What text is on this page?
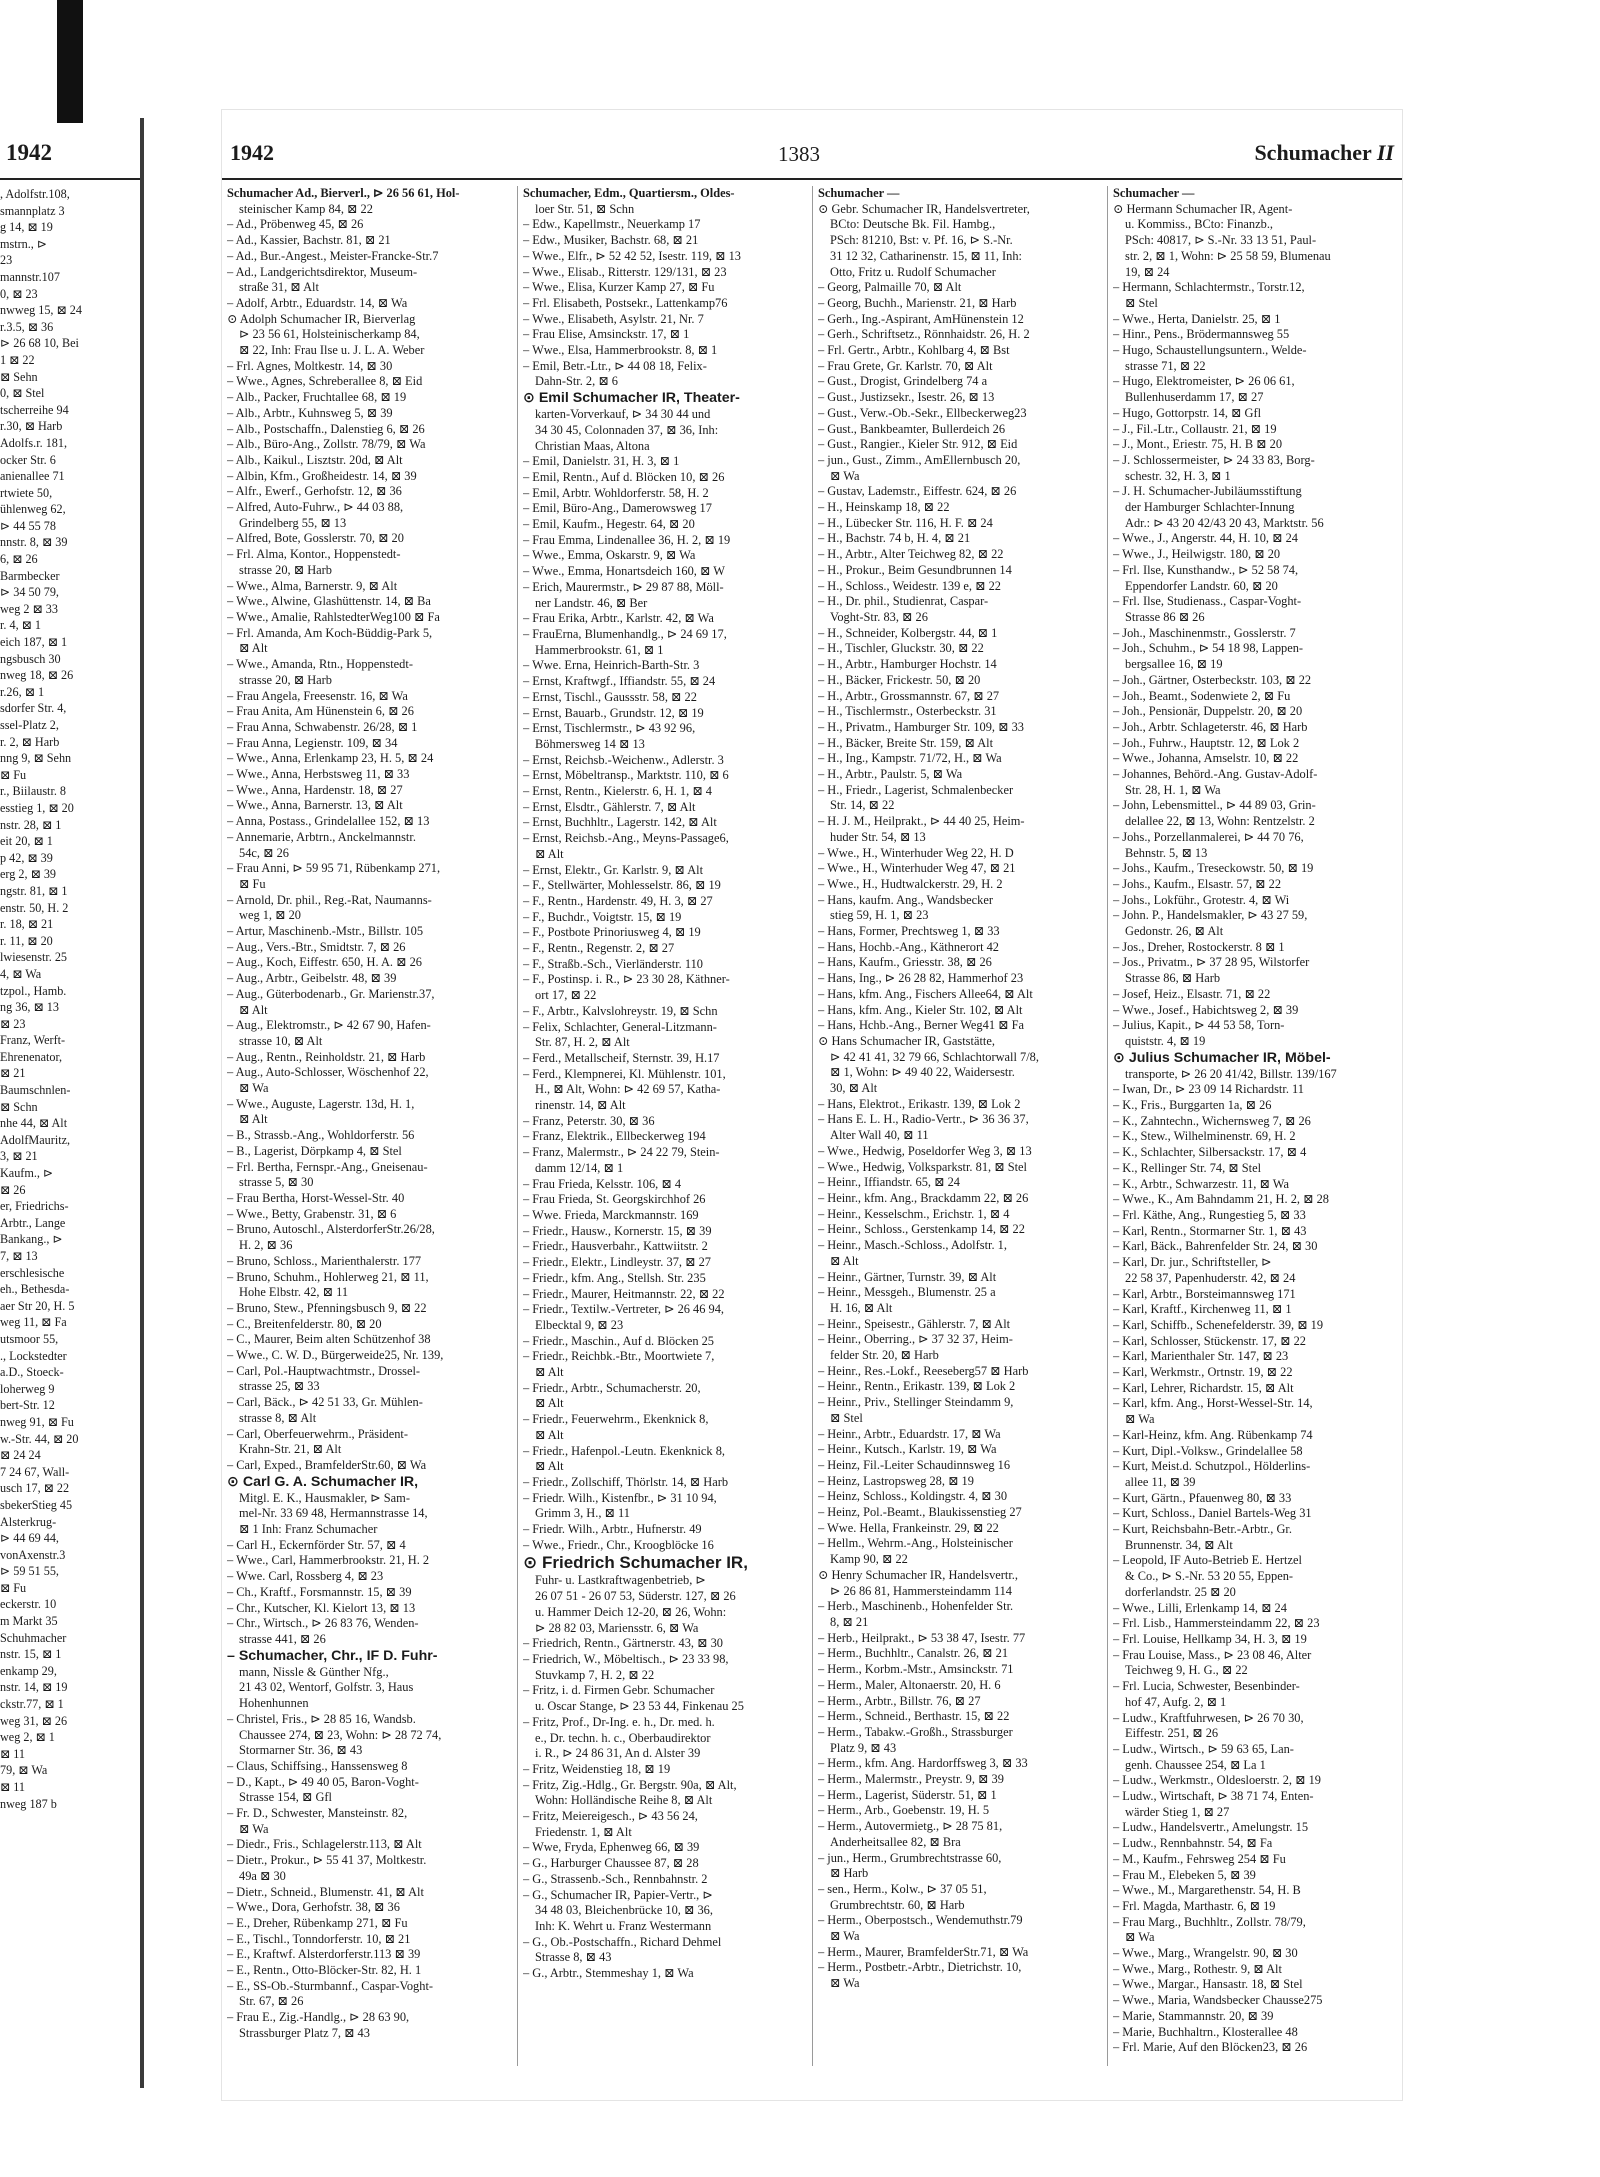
1942
, Adolfstr.108,
smannplatz 3
g 14, ⊠ 19
mstrn., ⊳
23
mannstr.107
0, ⊠ 23
nwweg 15, ⊠ 24
r.3.5, ⊠ 36
⊳ 26 68 10, Bei
1 ⊠ 22
⊠ Sehn
0, ⊠ Stel
tscherreihe 94
r.30, ⊠ Harb
Adolfs.r. 181,
ocker Str. 6
anienallee 71
rtwiete 50,
ühlenweg 62,
⊳ 44 55 78
nnstr. 8, ⊠ 39
6, ⊠ 26
Barmbecker
⊳ 34 50 79,
weg 2 ⊠ 33
r. 4, ⊠ 1
eich 187, ⊠ 1
ngsbusch 30
nweg 18, ⊠ 26
r.26, ⊠ 1
sdorfer Str. 4,
ssel-Platz 2,
r. 2, ⊠ Harb
nng 9, ⊠ Sehn
⊠ Fu
r., Biilaustr. 8
esstieg 1, ⊠ 20
nstr. 28, ⊠ 1
eit 20, ⊠ 1
p 42, ⊠ 39
erg 2, ⊠ 39
ngstr. 81, ⊠ 1
enstr. 50, H. 2
r. 18, ⊠ 21
r. 11, ⊠ 20
lwiesenstr. 25
4, ⊠ Wa
tzpol., Hamb.
ng 36, ⊠ 13
⊠ 23
Franz, Werft-
Ehrenenator,
⊠ 21
Baumschnlen-
⊠ Schn
nhe 44, ⊠ Alt
AdolfMauritz,
3, ⊠ 21
Kaufm., ⊳
⊠ 26
er, Friedrichs-
Arbtr., Lange
Bankang., ⊳
7, ⊠ 13
erschlesische
eh., Bethesda-
aer Str 20, H. 5
weg 11, ⊠ Fa
utsmoor 55,
., Lockstedter
a.D., Stoeck-
loherweg 9
bert-Str. 12
nweg 91, ⊠ Fu
w.-Str. 44, ⊠ 20
⊠ 24 24
7 24 67, Wall-
usch 17, ⊠ 22
sbekerStieg 45
Alsterkrug-
⊳ 44 69 44,
vonAxenstr.3
⊳ 59 51 55,
⊠ Fu
eckerstr. 10
m Markt 35
Schuhmacher
nstr. 15, ⊠ 1
enkamp 29,
nstr. 14, ⊠ 19
ckstr.77, ⊠ 1
weg 31, ⊠ 26
weg 2, ⊠ 1
⊠ 11
79, ⊠ Wa
⊠ 11
nweg 187 b
1942	1383	Schumacher II
Schumacher Ad., Bierverl., ⊳ 26 56 61, Hol-
steinischer Kamp 84, ⊠ 22
– Ad., Pröbenweg 45, ⊠ 26
– Ad., Kassier, Bachstr. 81, ⊠ 21
– Ad., Bur.-Angest., Meister-Francke-Str.7
– Ad., Landgerichtsdirektor, Museum-
straße 31, ⊠ Alt
– Adolf, Arbtr., Eduardstr. 14, ⊠ Wa
⊙ Adolph Schumacher IR, Bierverlag
⊳ 23 56 61, Holsteinischerkamp 84,
⊠ 22, Inh: Frau Ilse u. J. L. A. Weber
– Frl. Agnes, Moltkestr. 14, ⊠ 30
– Wwe., Agnes, Schreberallee 8, ⊠ Eid
– Alb., Packer, Fruchtallee 68, ⊠ 19
– Alb., Arbtr., Kuhnsweg 5, ⊠ 39
– Alb., Postschaffn., Dalenstieg 6, ⊠ 26
– Alb., Büro-Ang., Zollstr. 78/79, ⊠ Wa
– Alb., Kaikul., Lisztstr. 20d, ⊠ Alt
– Albin, Kfm., Großheidestr. 14, ⊠ 39
– Alfr., Ewerf., Gerhofstr. 12, ⊠ 36
– Alfred, Auto-Fuhrw., ⊳ 44 03 88,
Grindelberg 55, ⊠ 13
– Alfred, Bote, Gosslerstr. 70, ⊠ 20
– Frl. Alma, Kontor., Hoppenstedt-
strasse 20, ⊠ Harb
– Wwe., Alma, Barnerstr. 9, ⊠ Alt
– Wwe., Alwine, Glashüttenstr. 14, ⊠ Ba
– Wwe., Amalie, RahlstedterWeg100 ⊠ Fa
– Frl. Amanda, Am Koch-Büddig-Park 5,
⊠ Alt
– Wwe., Amanda, Rtn., Hoppenstedt-
strasse 20, ⊠ Harb
– Frau Angela, Freesenstr. 16, ⊠ Wa
– Frau Anita, Am Hünenstein 6, ⊠ 26
– Frau Anna, Schwabenstr. 26/28, ⊠ 1
– Frau Anna, Legienstr. 109, ⊠ 34
– Wwe., Anna, Erlenkamp 23, H. 5, ⊠ 24
– Wwe., Anna, Herbstsweg 11, ⊠ 33
– Wwe., Anna, Hardenstr. 18, ⊠ 27
– Wwe., Anna, Barnerstr. 13, ⊠ Alt
– Anna, Postass., Grindelallee 152, ⊠ 13
– Annemarie, Arbtrn., Anckelmannstr.
54c, ⊠ 26
– Frau Anni, ⊳ 59 95 71, Rübenkamp 271,
⊠ Fu
– Arnold, Dr. phil., Reg.-Rat, Naumanns-
weg 1, ⊠ 20
– Artur, Maschinenb.-Mstr., Billstr. 105
– Aug., Vers.-Btr., Smidtstr. 7, ⊠ 26
– Aug., Koch, Eiffestr. 650, H. A. ⊠ 26
– Aug., Arbtr., Geibelstr. 48, ⊠ 39
– Aug., Güterbodenarb., Gr. Marienstr.37,
⊠ Alt
– Aug., Elektromstr., ⊳ 42 67 90, Hafen-
strasse 10, ⊠ Alt
– Aug., Rentn., Reinholdstr. 21, ⊠ Harb
– Aug., Auto-Schlosser, Wöschenhof 22,
⊠ Wa
– Wwe., Auguste, Lagerstr. 13d, H. 1,
⊠ Alt
– B., Strassb.-Ang., Wohldorferstr. 56
– B., Lagerist, Dörpkamp 4, ⊠ Stel
– Frl. Bertha, Fernspr.-Ang., Gneisenau-
strasse 5, ⊠ 30
– Frau Bertha, Horst-Wessel-Str. 40
– Wwe., Betty, Grabenstr. 31, ⊠ 6
– Bruno, Autoschl., AlsterdorferStr.26/28,
H. 2, ⊠ 36
– Bruno, Schloss., Marienthalerstr. 177
– Bruno, Schuhm., Hohlerweg 21, ⊠ 11,
Hohe Elbstr. 42, ⊠ 11
– Bruno, Stew., Pfenningsbusch 9, ⊠ 22
– C., Breitenfelderstr. 80, ⊠ 20
– C., Maurer, Beim alten Schützenhof 38
– Wwe., C. W. D., Bürgerweide25, Nr. 139,
– Carl, Pol.-Hauptwachtmstr., Drossel-
strasse 25, ⊠ 33
– Carl, Bäck., ⊳ 42 51 33, Gr. Mühlen-
strasse 8, ⊠ Alt
– Carl, Oberfeuerwehrm., Präsident-
Krahn-Str. 21, ⊠ Alt
– Carl, Exped., BramfelderStr.60, ⊠ Wa
⊙ Carl G. A. Schumacher IR,
Mitgl. E. K., Hausmakler, ⊳ Sam-
mel-Nr. 33 69 48, Hermannstrasse 14,
⊠ 1 Inh: Franz Schumacher
– Carl H., Eckernförder Str. 57, ⊠ 4
– Wwe., Carl, Hammerbrookstr. 21, H. 2
– Wwe. Carl, Rossberg 4, ⊠ 23
– Ch., Kraftf., Forsmannstr. 15, ⊠ 39
– Chr., Kutscher, Kl. Kielort 13, ⊠ 13
– Chr., Wirtsch., ⊳ 26 83 76, Wenden-
strasse 441, ⊠ 26
– Schumacher, Chr., IF D. Fuhr-
mann, Nissle & Günther Nfg.,
21 43 02, Wentorf, Golfstr. 3, Haus
Hohenhunnen
– Christel, Fris., ⊳ 28 85 16, Wandsb.
Chaussee 274, ⊠ 23, Wohn: ⊳ 28 72 74,
Stormarner Str. 36, ⊠ 43
– Claus, Schiffsing., Hanssensweg 8
– D., Kapt., ⊳ 49 40 05, Baron-Voght-
Strasse 154, ⊠ Gfl
– Fr. D., Schwester, Mansteinstr. 82,
⊠ Wa
– Diedr., Fris., Schlagelerstr.113, ⊠ Alt
– Dietr., Prokur., ⊳ 55 41 37, Moltkestr.
49a ⊠ 30
– Dietr., Schneid., Blumenstr. 41, ⊠ Alt
– Wwe., Dora, Gerhofstr. 38, ⊠ 36
– E., Dreher, Rübenkamp 271, ⊠ Fu
– E., Tischl., Tonndorferstr. 10, ⊠ 21
– E., Kraftwf. Alsterdorferstr.113 ⊠ 39
– E., Rentn., Otto-Blöcker-Str. 82, H. 1
– E., SS-Ob.-Sturmbannf., Caspar-Voght-
Str. 67, ⊠ 26
– Frau E., Zig.-Handlg., ⊳ 28 63 90,
Strassburger Platz 7, ⊠ 43
Schumacher, Edm., Quartiersm., Oldes-
loer Str. 51, ⊠ Schn
– Edw., Kapellmstr., Neuerkamp 17
– Edw., Musiker, Bachstr. 68, ⊠ 21
– Wwe., Elfr., ⊳ 52 42 52, Isestr. 119, ⊠ 13
– Wwe., Elisab., Ritterstr. 129/131, ⊠ 23
– Wwe., Elisa, Kurzer Kamp 27, ⊠ Fu
– Frl. Elisabeth, Postsekr., Lattenkamp76
– Wwe., Elisabeth, Asylstr. 21, Nr. 7
– Frau Elise, Amsinckstr. 17, ⊠ 1
– Wwe., Elsa, Hammerbrookstr. 8, ⊠ 1
– Emil, Betr.-Ltr., ⊳ 44 08 18, Felix-
Dahn-Str. 2, ⊠ 6
⊙ Emil Schumacher IR, Theater-
karten-Vorverkauf, ⊳ 34 30 44 und
34 30 45, Colonnaden 37, ⊠ 36, Inh:
Christian Maas, Altona
– Emil, Danielstr. 31, H. 3, ⊠ 1
– Emil, Rentn., Auf d. Blöcken 10, ⊠ 26
– Emil, Arbtr. Wohldorferstr. 58, H. 2
– Emil, Büro-Ang., Damerowsweg 17
– Emil, Kaufm., Hegestr. 64, ⊠ 20
– Frau Emma, Lindenallee 36, H. 2, ⊠ 19
– Wwe., Emma, Oskarstr. 9, ⊠ Wa
– Wwe., Emma, Honartsdeich 160, ⊠ W
– Erich, Maurermstr., ⊳ 29 87 88, Möll-
ner Landstr. 46, ⊠ Ber
– Frau Erika, Arbtr., Karlstr. 42, ⊠ Wa
– FrauErna, Blumenhandlg., ⊳ 24 69 17,
Hammerbrookstr. 61, ⊠ 1
– Wwe. Erna, Heinrich-Barth-Str. 3
– Ernst, Kraftwgf., Iffiandstr. 55, ⊠ 24
– Ernst, Tischl., Gaussstr. 58, ⊠ 22
– Ernst, Bauarb., Grundstr. 12, ⊠ 19
– Ernst, Tischlermstr., ⊳ 43 92 96,
Böhmersweg 14 ⊠ 13
– Ernst, Reichsb.-Weichenw., Adlerstr. 3
– Ernst, Möbeltransp., Marktstr. 110, ⊠ 6
– Ernst, Rentn., Kielerstr. 6, H. 1, ⊠ 4
– Ernst, Elsdtr., Gählerstr. 7, ⊠ Alt
– Ernst, Buchhltr., Lagerstr. 142, ⊠ Alt
– Ernst, Reichsb.-Ang., Meyns-Passage6,
⊠ Alt
– Ernst, Elektr., Gr. Karlstr. 9, ⊠ Alt
– F., Stellwärter, Mohlesselstr. 86, ⊠ 19
– F., Rentn., Hardenstr. 49, H. 3, ⊠ 27
– F., Buchdr., Voigtstr. 15, ⊠ 19
– F., Postbote Prinoriusweg 4, ⊠ 19
– F., Rentn., Regenstr. 2, ⊠ 27
– F., Straßb.-Sch., Vierländerstr. 110
– F., Postinsp. i. R., ⊳ 23 30 28, Käthner-
ort 17, ⊠ 22
– F., Arbtr., Kalvslohreystr. 19, ⊠ Schn
– Felix, Schlachter, General-Litzmann-
Str. 87, H. 2, ⊠ Alt
– Ferd., Metallscheif, Sternstr. 39, H.17
– Ferd., Klempnerei, Kl. Mühlenstr. 101,
H., ⊠ Alt, Wohn: ⊳ 42 69 57, Katha-
rinenstr. 14, ⊠ Alt
– Franz, Peterstr. 30, ⊠ 36
– Franz, Elektrik., Ellbeckerweg 194
– Franz, Malermstr., ⊳ 24 22 79, Stein-
damm 12/14, ⊠ 1
– Frau Frieda, Kelsstr. 106, ⊠ 4
– Frau Frieda, St. Georgskirchhof 26
– Wwe. Frieda, Marckmannstr. 169
– Friedr., Hausw., Kornerstr. 15, ⊠ 39
– Friedr., Hausverbahr., Kattwiitstr. 2
– Friedr., Elektr., Lindleystr. 37, ⊠ 27
– Friedr., kfm. Ang., Stellsh. Str. 235
– Friedr., Maurer, Heitmannstr. 22, ⊠ 22
– Friedr., Textilw.-Vertreter, ⊳ 26 46 94,
Elbecktal 9, ⊠ 23
– Friedr., Maschin., Auf d. Blöcken 25
– Friedr., Reichbk.-Btr., Moortwiete 7,
⊠ Alt
– Friedr., Arbtr., Schumacherstr. 20,
⊠ Alt
– Friedr., Feuerwehrm., Ekenknick 8,
⊠ Alt
– Friedr., Hafenpol.-Leutn. Ekenknick 8,
⊠ Alt
– Friedr., Zollschiff, Thörlstr. 14, ⊠ Harb
– Friedr. Wilh., Kistenfbr., ⊳ 31 10 94,
Grimm 3, H., ⊠ 11
– Friedr. Wilh., Arbtr., Hufnerstr. 49
– Wwe., Friedr., Chr., Kroogblöcke 16
⊙ Friedrich Schumacher IR,
Fuhr- u. Lastkraftwagenbetrieb, ⊳
26 07 51 - 26 07 53, Süderstr. 127, ⊠ 26
u. Hammer Deich 12-20, ⊠ 26, Wohn:
⊳ 28 82 03, Mariensstr. 6, ⊠ Wa
– Friedrich, Rentn., Gärtnerstr. 43, ⊠ 30
– Friedrich, W., Möbeltisch., ⊳ 23 33 98,
Stuvkamp 7, H. 2, ⊠ 22
– Fritz, i. d. Firmen Gebr. Schumacher
u. Oscar Stange, ⊳ 23 53 44, Finkenau 25
– Fritz, Prof., Dr-Ing. e. h., Dr. med. h.
e., Dr. techn. h. c., Oberbaudirektor
i. R., ⊳ 24 86 31, An d. Alster 39
– Fritz, Weidenstieg 18, ⊠ 19
– Fritz, Zig.-Hdlg., Gr. Bergstr. 90a, ⊠ Alt,
Wohn: Holländische Reihe 8, ⊠ Alt
– Fritz, Meiereigesch., ⊳ 43 56 24,
Friedenstr. 1, ⊠ Alt
– Wwe, Fryda, Ephenweg 66, ⊠ 39
– G., Harburger Chaussee 87, ⊠ 28
– G., Strassenb.-Sch., Rennbahnstr. 2
– G., Schumacher IR, Papier-Vertr., ⊳
34 48 03, Bleichenbrücke 10, ⊠ 36,
Inh: K. Wehrt u. Franz Westermann
– G., Ob.-Postschaffn., Richard Dehmel
Strasse 8, ⊠ 43
– G., Arbtr., Stemmeshay 1, ⊠ Wa
Schumacher —
⊙ Gebr. Schumacher IR, Handelsvertreter,
BCto: Deutsche Bk. Fil. Hambg.,
PSch: 81210, Bst: v. Pf. 16, ⊳ S.-Nr.
31 12 32, Catharinenstr. 15, ⊠ 11, Inh:
Otto, Fritz u. Rudolf Schumacher
– Georg, Palmaille 70, ⊠ Alt
– Georg, Buchh., Marienstr. 21, ⊠ Harb
– Gerh., Ing.-Aspirant, AmHünenstein 12
– Gerh., Schriftsetz., Rönnhaidstr. 26, H. 2
– Frl. Gertr., Arbtr., Kohlbarg 4, ⊠ Bst
– Frau Grete, Gr. Karlstr. 70, ⊠ Alt
– Gust., Drogist, Grindelberg 74 a
– Gust., Justizsekr., Isestr. 26, ⊠ 13
– Gust., Verw.-Ob.-Sekr., Ellbeckerweg23
– Gust., Bankbeamter, Bullerdeich 26
– Gust., Rangier., Kieler Str. 912, ⊠ Eid
– jun., Gust., Zimm., AmEllernbusch 20,
⊠ Wa
– Gustav, Lademstr., Eiffestr. 624, ⊠ 26
– H., Heinskamp 18, ⊠ 22
– H., Lübecker Str. 116, H. F. ⊠ 24
– H., Bachstr. 74 b, H. 4, ⊠ 21
– H., Arbtr., Alter Teichweg 82, ⊠ 22
– H., Prokur., Beim Gesundbrunnen 14
– H., Schloss., Weidestr. 139 e, ⊠ 22
– H., Dr. phil., Studienrat, Caspar-
Voght-Str. 83, ⊠ 26
– H., Schneider, Kolbergstr. 44, ⊠ 1
– H., Tischler, Gluckstr. 30, ⊠ 22
– H., Arbtr., Hamburger Hochstr. 14
– H., Bäcker, Frickestr. 50, ⊠ 20
– H., Arbtr., Grossmannstr. 67, ⊠ 27
– H., Tischlermstr., Osterbeckstr. 31
– H., Privatm., Hamburger Str. 109, ⊠ 33
– H., Bäcker, Breite Str. 159, ⊠ Alt
– H., Ing., Kampstr. 71/72, H., ⊠ Wa
– H., Arbtr., Paulstr. 5, ⊠ Wa
– H., Friedr., Lagerist, Schmalenbecker
Str. 14, ⊠ 22
– H. J. M., Heilprakt., ⊳ 44 40 25, Heim-
huder Str. 54, ⊠ 13
– Wwe., H., Winterhuder Weg 22, H. D
– Wwe., H., Winterhuder Weg 47, ⊠ 21
– Wwe., H., Hudtwalckerstr. 29, H. 2
– Hans, kaufm. Ang., Wandsbecker
stieg 59, H. 1, ⊠ 23
– Hans, Former, Prechtsweg 1, ⊠ 33
– Hans, Hochb.-Ang., Käthnerort 42
– Hans, Kaufm., Griesstr. 38, ⊠ 26
– Hans, Ing., ⊳ 26 28 82, Hammerhof 23
– Hans, kfm. Ang., Fischers Allee64, ⊠ Alt
– Hans, kfm. Ang., Kieler Str. 102, ⊠ Alt
– Hans, Hchb.-Ang., Berner Weg41 ⊠ Fa
⊙ Hans Schumacher IR, Gaststätte,
⊳ 42 41 41, 32 79 66, Schlachtorwall 7/8,
⊠ 1, Wohn: ⊳ 49 40 22, Waidersestr.
30, ⊠ Alt
– Hans, Elektrot., Erikastr. 139, ⊠ Lok 2
– Hans E. L. H., Radio-Vertr., ⊳ 36 36 37,
Alter Wall 40, ⊠ 11
– Wwe., Hedwig, Poseldorfer Weg 3, ⊠ 13
– Wwe., Hedwig, Volksparkstr. 81, ⊠ Stel
– Heinr., Iffiandstr. 65, ⊠ 24
– Heinr., kfm. Ang., Brackdamm 22, ⊠ 26
– Heinr., Kesselschm., Erichstr. 1, ⊠ 4
– Heinr., Schloss., Gerstenkamp 14, ⊠ 22
– Heinr., Masch.-Schloss., Adolfstr. 1,
⊠ Alt
– Heinr., Gärtner, Turnstr. 39, ⊠ Alt
– Heinr., Messgeh., Blumenstr. 25 a
H. 16, ⊠ Alt
– Heinr., Speisestr., Gählerstr. 7, ⊠ Alt
– Heinr., Oberring., ⊳ 37 32 37, Heim-
felder Str. 20, ⊠ Harb
– Heinr., Res.-Lokf., Reeseberg57 ⊠ Harb
– Heinr., Rentn., Erikastr. 139, ⊠ Lok 2
– Heinr., Priv., Stellinger Steindamm 9,
⊠ Stel
– Heinr., Arbtr., Eduardstr. 17, ⊠ Wa
– Heinr., Kutsch., Karlstr. 19, ⊠ Wa
– Heinz, Fil.-Leiter Schaudinnsweg 16
– Heinz, Lastropsweg 28, ⊠ 19
– Heinz, Schloss., Koldingstr. 4, ⊠ 30
– Heinz, Pol.-Beamt., Blaukissenstieg 27
– Wwe. Hella, Frankeinstr. 29, ⊠ 22
– Hellm., Wehrm.-Ang., Holsteinischer
Kamp 90, ⊠ 22
⊙ Henry Schumacher IR, Handelsvertr.,
⊳ 26 86 81, Hammersteindamm 114
– Herb., Maschinenb., Hohenfelder Str.
8, ⊠ 21
– Herb., Heilprakt., ⊳ 53 38 47, Isestr. 77
– Herm., Buchhltr., Canalstr. 26, ⊠ 21
– Herm., Korbm.-Mstr., Amsinckstr. 71
– Herm., Maler, Altonaerstr. 20, H. 6
– Herm., Arbtr., Billstr. 76, ⊠ 27
– Herm., Schneid., Berthastr. 15, ⊠ 22
– Herm., Tabakw.-Großh., Strassburger
Platz 9, ⊠ 43
– Herm., kfm. Ang. Hardorffsweg 3, ⊠ 33
– Herm., Malermstr., Preystr. 9, ⊠ 39
– Herm., Lagerist, Süderstr. 51, ⊠ 1
– Herm., Arb., Goebenstr. 19, H. 5
– Herm., Autovermietg., ⊳ 28 75 81,
Anderheitsallee 82, ⊠ Bra
– jun., Herm., Grumbrechtstrasse 60,
⊠ Harb
– sen., Herm., Kolw., ⊳ 37 05 51,
Grumbrechtstr. 60, ⊠ Harb
– Herm., Oberpostsch., Wendemuthstr.79
⊠ Wa
– Herm., Maurer, BramfelderStr.71, ⊠ Wa
– Herm., Postbetr.-Arbtr., Dietrichstr. 10,
⊠ Wa
Schumacher —
⊙ Hermann Schumacher IR, Agent-
u. Kommiss., BCto: Finanzb.,
PSch: 40817, ⊳ S.-Nr. 33 13 51, Paul-
str. 2, ⊠ 1, Wohn: ⊳ 25 58 59, Blumenau
19, ⊠ 24
– Hermann, Schlachtermstr., Torstr.12,
⊠ Stel
– Wwe., Herta, Danielstr. 25, ⊠ 1
– Hinr., Pens., Brödermannsweg 55
– Hugo, Schaustellungsuntern., Welde-
strasse 71, ⊠ 22
– Hugo, Elektromeister, ⊳ 26 06 61,
Bullenhuserdamm 17, ⊠ 27
– Hugo, Gottorpstr. 14, ⊠ Gfl
– J., Fil.-Ltr., Collaustr. 21, ⊠ 19
– J., Mont., Eriestr. 75, H. B ⊠ 20
– J. Schlossermeister, ⊳ 24 33 83, Borg-
schestr. 32, H. 3, ⊠ 1
– J. H. Schumacher-Jubiläumsstiftung
der Hamburger Schlachter-Innung
Adr.: ⊳ 43 20 42/43 20 43, Marktstr. 56
– Wwe., J., Angerstr. 44, H. 10, ⊠ 24
– Wwe., J., Heilwigstr. 180, ⊠ 20
– Frl. Ilse, Kunsthandw., ⊳ 52 58 74,
Eppendorfer Landstr. 60, ⊠ 20
– Frl. Ilse, Studienass., Caspar-Voght-
Strasse 86 ⊠ 26
– Joh., Maschinenmstr., Gosslerstr. 7
– Joh., Schuhm., ⊳ 54 18 98, Lappen-
bergsallee 16, ⊠ 19
– Joh., Gärtner, Osterbeckstr. 103, ⊠ 22
– Joh., Beamt., Sodenwiete 2, ⊠ Fu
– Joh., Pensionär, Duppelstr. 20, ⊠ 20
– Joh., Arbtr. Schlageterstr. 46, ⊠ Harb
– Joh., Fuhrw., Hauptstr. 12, ⊠ Lok 2
– Wwe., Johanna, Amselstr. 10, ⊠ 22
– Johannes, Behörd.-Ang. Gustav-Adolf-
Str. 28, H. 1, ⊠ Wa
– John, Lebensmittel., ⊳ 44 89 03, Grin-
delallee 22, ⊠ 13, Wohn: Rentzelstr. 2
– Johs., Porzellanmalerei, ⊳ 44 70 76,
Behnstr. 5, ⊠ 13
– Johs., Kaufm., Treseckowstr. 50, ⊠ 19
– Johs., Kaufm., Elsastr. 57, ⊠ 22
– Johs., Lokführ., Grotestr. 4, ⊠ Wi
– John. P., Handelsmakler, ⊳ 43 27 59,
Gedonstr. 26, ⊠ Alt
– Jos., Dreher, Rostockerstr. 8 ⊠ 1
– Jos., Privatm., ⊳ 37 28 95, Wilstorfer
Strasse 86, ⊠ Harb
– Josef, Heiz., Elsastr. 71, ⊠ 22
– Wwe., Josef., Habichtsweg 2, ⊠ 39
– Julius, Kapit., ⊳ 44 53 58, Torn-
quiststr. 4, ⊠ 19
⊙ Julius Schumacher IR, Möbel-
transporte, ⊳ 26 20 41/42, Billstr. 139/167
– Iwan, Dr., ⊳ 23 09 14 Richardstr. 11
– K., Fris., Burggarten 1a, ⊠ 26
– K., Zahntechn., Wichernsweg 7, ⊠ 26
– K., Stew., Wilhelminenstr. 69, H. 2
– K., Schlachter, Silbersackstr. 17, ⊠ 4
– K., Rellinger Str. 74, ⊠ Stel
– K., Arbtr., Schwarzestr. 11, ⊠ Wa
– Wwe., K., Am Bahndamm 21, H. 2, ⊠ 28
– Frl. Käthe, Ang., Rungestieg 5, ⊠ 33
– Karl, Rentn., Stormarner Str. 1, ⊠ 43
– Karl, Bäck., Bahrenfelder Str. 24, ⊠ 30
– Karl, Dr. jur., Schriftsteller, ⊳
22 58 37, Papenhuderstr. 42, ⊠ 24
– Karl, Arbtr., Borsteimannsweg 171
– Karl, Kraftf., Kirchenweg 11, ⊠ 1
– Karl, Schiffb., Schenefelderstr. 39, ⊠ 19
– Karl, Schlosser, Stückenstr. 17, ⊠ 22
– Karl, Marienthaler Str. 147, ⊠ 23
– Karl, Werkmstr., Ortnstr. 19, ⊠ 22
– Karl, Lehrer, Richardstr. 15, ⊠ Alt
– Karl, kfm. Ang., Horst-Wessel-Str. 14,
⊠ Wa
– Karl-Heinz, kfm. Ang. Rübenkamp 74
– Kurt, Dipl.-Volksw., Grindelallee 58
– Kurt, Meist.d. Schutzpol., Hölderlins-
allee 11, ⊠ 39
– Kurt, Gärtn., Pfauenweg 80, ⊠ 33
– Kurt, Schloss., Daniel Bartels-Weg 31
– Kurt, Reichsbahn-Betr.-Arbtr., Gr.
Brunnenstr. 34, ⊠ Alt
– Leopold, IF Auto-Betrieb E. Hertzel
& Co., ⊳ S.-Nr. 53 20 55, Eppen-
dorferlandstr. 25 ⊠ 20
– Wwe., Lilli, Erlenkamp 14, ⊠ 24
– Frl. Lisb., Hammersteindamm 22, ⊠ 23
– Frl. Louise, Hellkamp 34, H. 3, ⊠ 19
– Frau Louise, Mass., ⊳ 23 08 46, Alter
Teichweg 9, H. G., ⊠ 22
– Frl. Lucia, Schwester, Besenbinder-
hof 47, Aufg. 2, ⊠ 1
– Ludw., Kraftfuhrwesen, ⊳ 26 70 30,
Eiffestr. 251, ⊠ 26
– Ludw., Wirtsch., ⊳ 59 63 65, Lan-
genh. Chaussee 254, ⊠ La 1
– Ludw., Werkmstr., Oldesloerstr. 2, ⊠ 19
– Ludw., Wirtschaft, ⊳ 38 71 74, Enten-
wärder Stieg 1, ⊠ 27
– Ludw., Handelsvertr., Amelungstr. 15
– Ludw., Rennbahnstr. 54, ⊠ Fa
– M., Kaufm., Fehrsweg 254 ⊠ Fu
– Frau M., Elebeken 5, ⊠ 39
– Wwe., M., Margarethenstr. 54, H. B
– Frl. Magda, Marthastr. 6, ⊠ 19
– Frau Marg., Buchhltr., Zollstr. 78/79,
⊠ Wa
– Wwe., Marg., Wrangelstr. 90, ⊠ 30
– Wwe., Marg., Rothestr. 9, ⊠ Alt
– Wwe., Margar., Hansastr. 18, ⊠ Stel
– Wwe., Maria, Wandsbecker Chausse275
– Marie, Stammannstr. 20, ⊠ 39
– Marie, Buchhaltrn., Klosterallee 48
– Frl. Marie, Auf den Blöcken23, ⊠ 26
